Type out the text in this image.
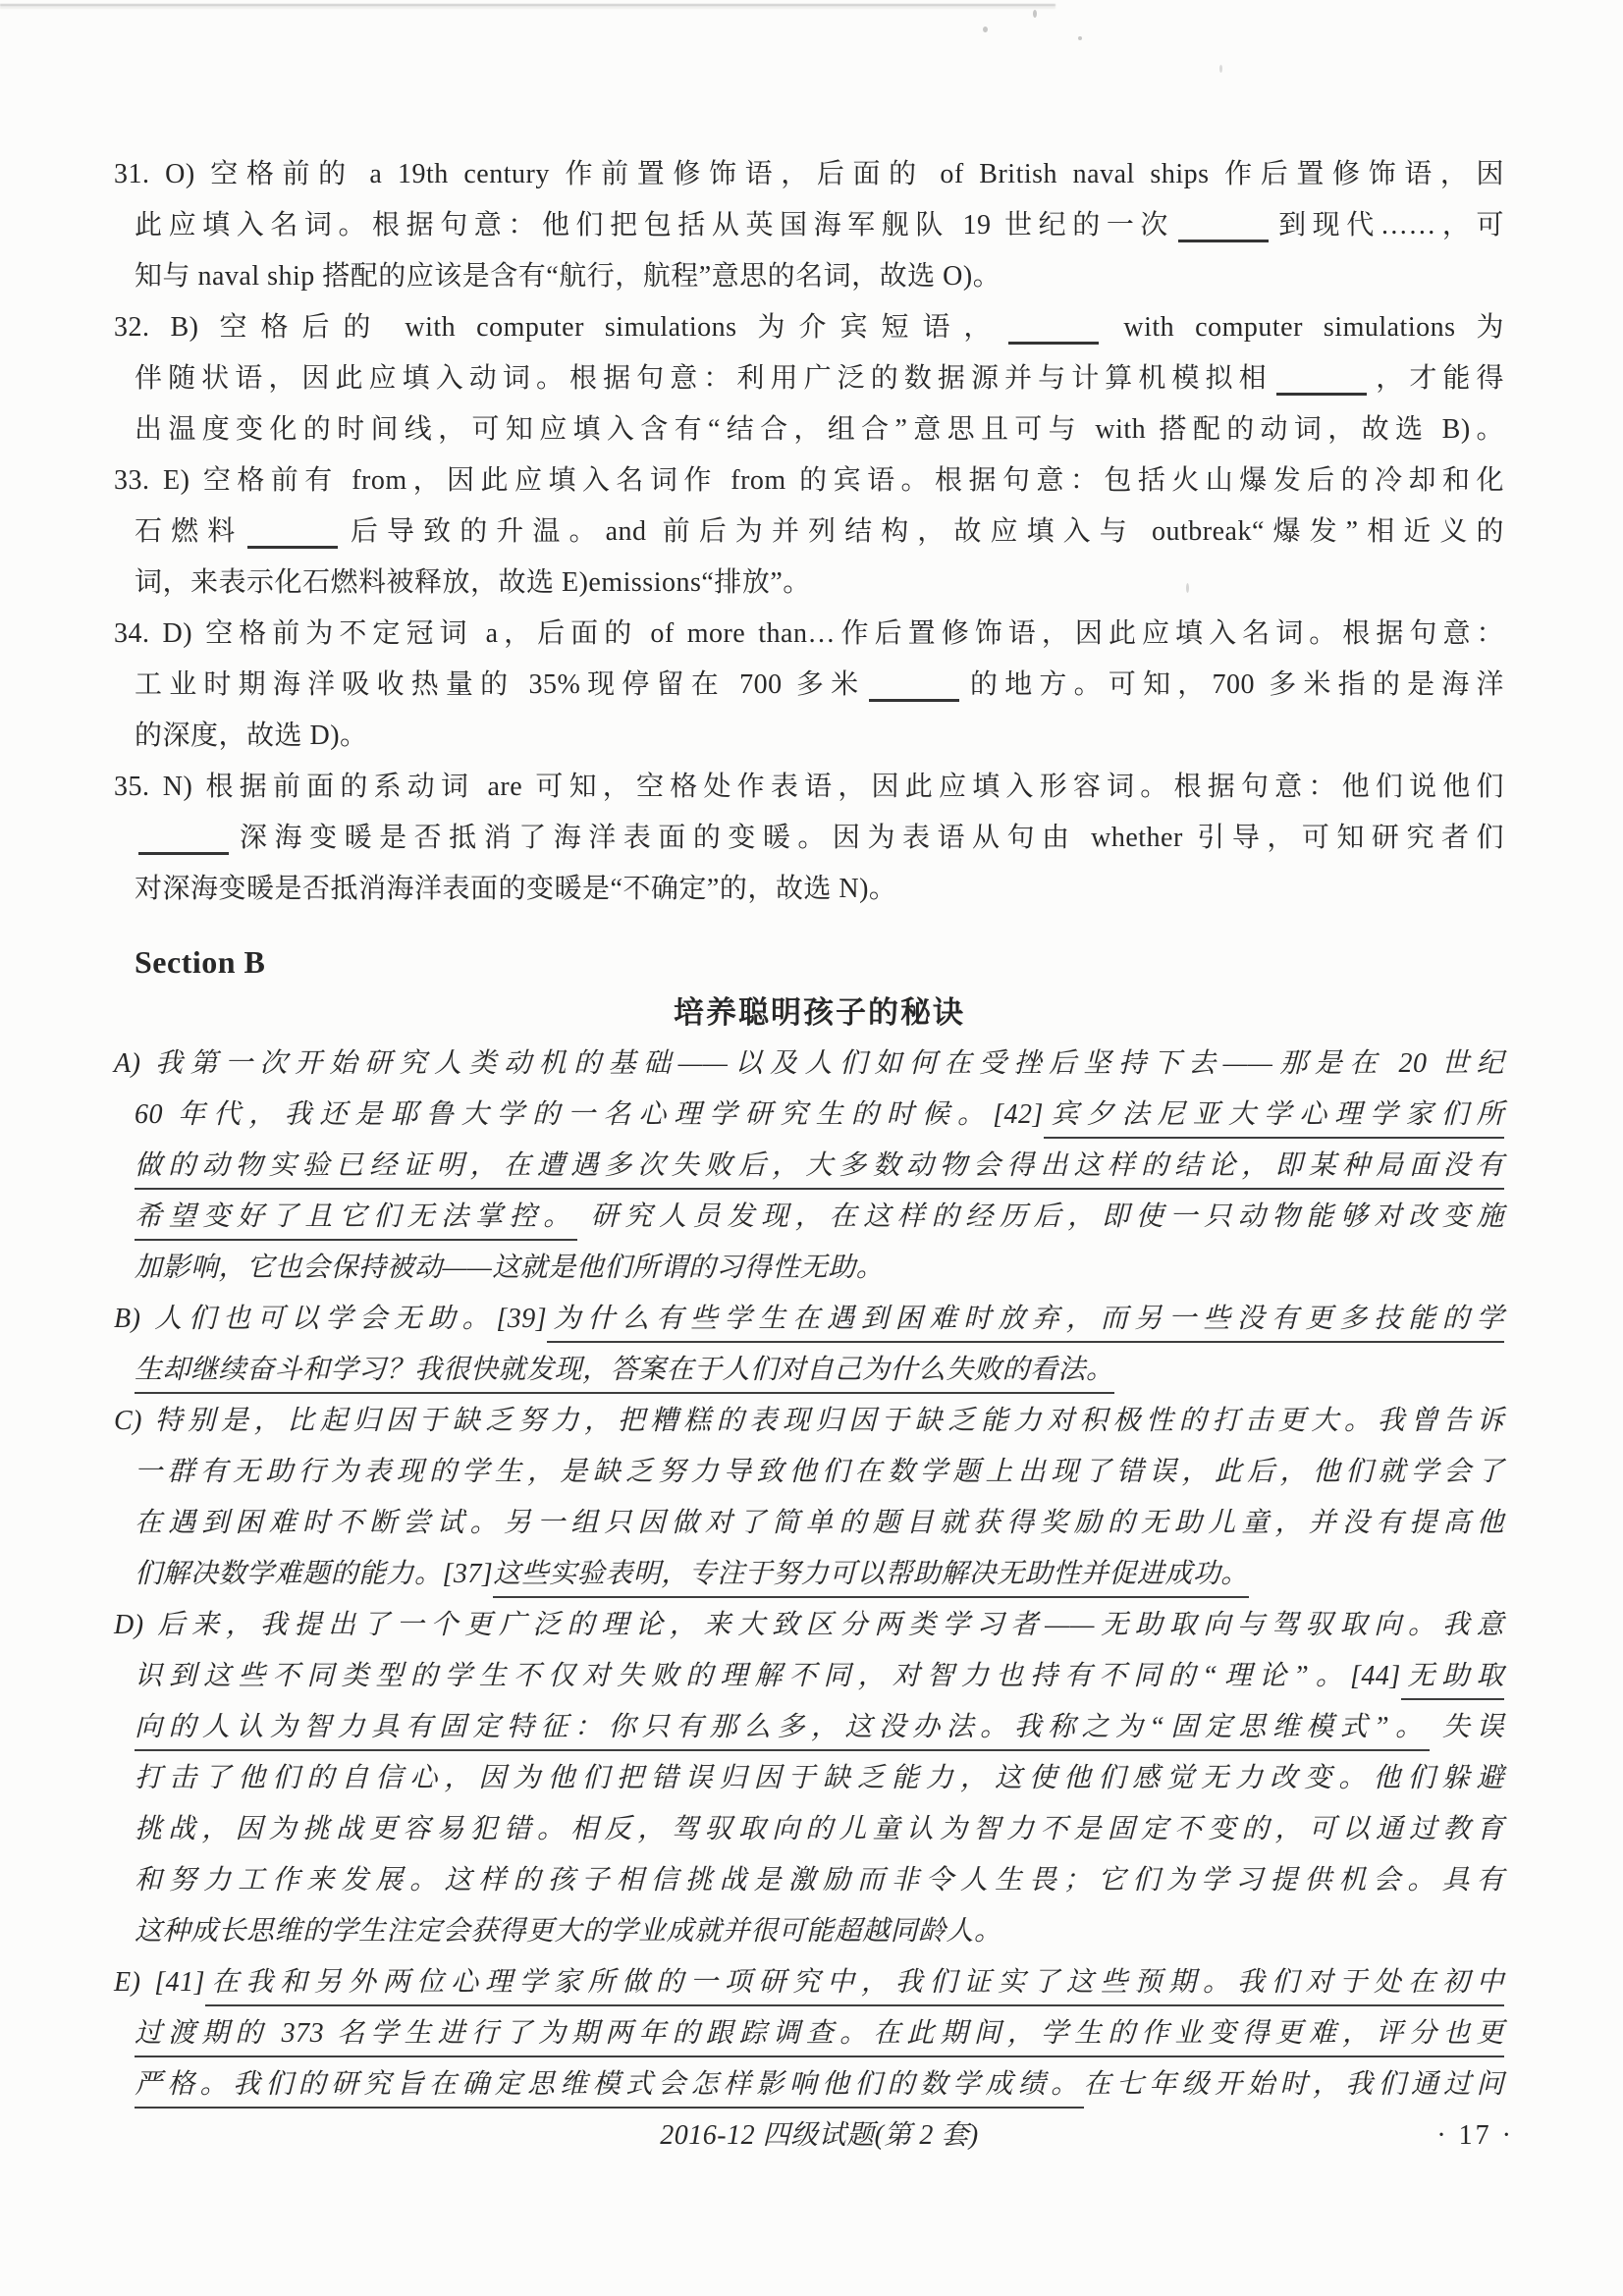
31. O) 空格前的 a 19th century 作前置修饰语，后面的 of British naval ships 作后置修饰语，因
此应填入名词。根据句意：他们把包括从英国海军舰队 19 世纪的一次	到现代……，可
知与 naval ship 搭配的应该是含有“航行，航程”意思的名词，故选 O)。
32. B) 空格后的 with computer simulations 为介宾短语，	with computer simulations 为
伴随状语，因此应填入动词。根据句意：利用广泛的数据源并与计算机模拟相	，才能得
出温度变化的时间线，可知应填入含有“结合，组合”意思且可与 with 搭配的动词，故选 B)。
33. E) 空格前有 from，因此应填入名词作 from 的宾语。根据句意：包括火山爆发后的冷却和化
石燃料	后导致的升温。and 前后为并列结构，故应填入与 outbreak“爆发”相近义的
词，来表示化石燃料被释放，故选 E)emissions“排放”。
34. D) 空格前为不定冠词 a，后面的 of more than…作后置修饰语，因此应填入名词。根据句意：
工业时期海洋吸收热量的 35%现停留在 700 多米	的地方。可知，700 多米指的是海洋
的深度，故选 D)。
35. N) 根据前面的系动词 are 可知，空格处作表语，因此应填入形容词。根据句意：他们说他们
深海变暖是否抵消了海洋表面的变暖。因为表语从句由 whether 引导，可知研究者们
对深海变暖是否抵消海洋表面的变暖是“不确定”的，故选 N)。
Section B
培养聪明孩子的秘诀
A) 我第一次开始研究人类动机的基础——以及人们如何在受挫后坚持下去——那是在 20 世纪
60 年代，我还是耶鲁大学的一名心理学研究生的时候。[42]宾夕法尼亚大学心理学家们所
做的动物实验已经证明，在遭遇多次失败后，大多数动物会得出这样的结论，即某种局面没有
希望变好了且它们无法掌控。 研究人员发现，在这样的经历后，即使一只动物能够对改变施
加影响，它也会保持被动——这就是他们所谓的习得性无助。
B) 人们也可以学会无助。[39]为什么有些学生在遇到困难时放弃，而另一些没有更多技能的学
生却继续奋斗和学习？我很快就发现，答案在于人们对自己为什么失败的看法。
C) 特别是，比起归因于缺乏努力，把糟糕的表现归因于缺乏能力对积极性的打击更大。我曾告诉
一群有无助行为表现的学生，是缺乏努力导致他们在数学题上出现了错误，此后，他们就学会了
在遇到困难时不断尝试。另一组只因做对了简单的题目就获得奖励的无助儿童，并没有提高他
们解决数学难题的能力。[37]这些实验表明，专注于努力可以帮助解决无助性并促进成功。
D) 后来，我提出了一个更广泛的理论，来大致区分两类学习者——无助取向与驾驭取向。我意
识到这些不同类型的学生不仅对失败的理解不同，对智力也持有不同的“理论”。[44]无助取
向的人认为智力具有固定特征：你只有那么多，这没办法。我称之为“固定思维模式”。 失误
打击了他们的自信心，因为他们把错误归因于缺乏能力，这使他们感觉无力改变。他们躲避
挑战，因为挑战更容易犯错。相反，驾驭取向的儿童认为智力不是固定不变的，可以通过教育
和努力工作来发展。这样的孩子相信挑战是激励而非令人生畏；它们为学习提供机会。具有
这种成长思维的学生注定会获得更大的学业成就并很可能超越同龄人。
E) [41]在我和另外两位心理学家所做的一项研究中，我们证实了这些预期。我们对于处在初中
过渡期的 373 名学生进行了为期两年的跟踪调查。在此期间，学生的作业变得更难，评分也更
严格。我们的研究旨在确定思维模式会怎样影响他们的数学成绩。在七年级开始时，我们通过问
2016-12 四级试题(第 2 套)	· 17 ·
